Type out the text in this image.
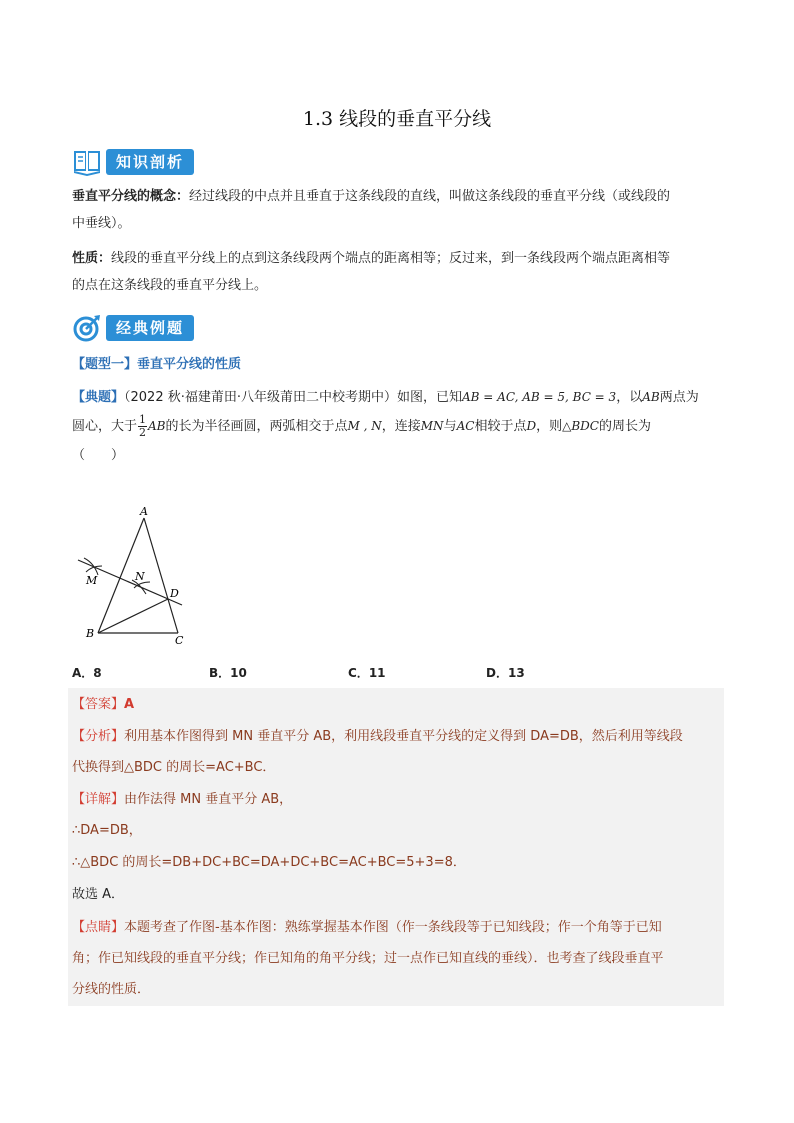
1.3 线段的垂直平分线
知识剖析
垂直平分线的概念：经过线段的中点并且垂直于这条线段的直线，叫做这条线段的垂直平分线（或线段的
中垂线）。
性质：线段的垂直平分线上的点到这条线段两个端点的距离相等；反过来，到一条线段两个端点距离相等
的点在这条线段的垂直平分线上。
经典例题
【题型一】垂直平分线的性质
【典题】（2022 秋·福建莆田·八年级莆田二中校考期中）如图，已知AB = AC, AB = 5, BC = 3，以AB两点为
圆心，大于 $\frac{1}{2}$ AB的长为半径画圆，两弧相交于点M , N，连接MN与AC相较于点D，则△BDC的周长为
（　　）
A
B
C
D
M	N
A．8	B．10	C．11	D．13
【答案】A
【分析】利用基本作图得到 MN 垂直平分 AB，利用线段垂直平分线的定义得到 DA=DB，然后利用等线段
代换得到△BDC 的周长=AC+BC．
【详解】由作法得 MN 垂直平分 AB，
∴DA=DB，
∴△BDC 的周长=DB+DC+BC=DA+DC+BC=AC+BC=5+3=8．
故选 A．
【点睛】本题考查了作图-基本作图：熟练掌握基本作图（作一条线段等于已知线段；作一个角等于已知
角；作已知线段的垂直平分线；作已知角的角平分线；过一点作已知直线的垂线）．也考查了线段垂直平
分线的性质．
